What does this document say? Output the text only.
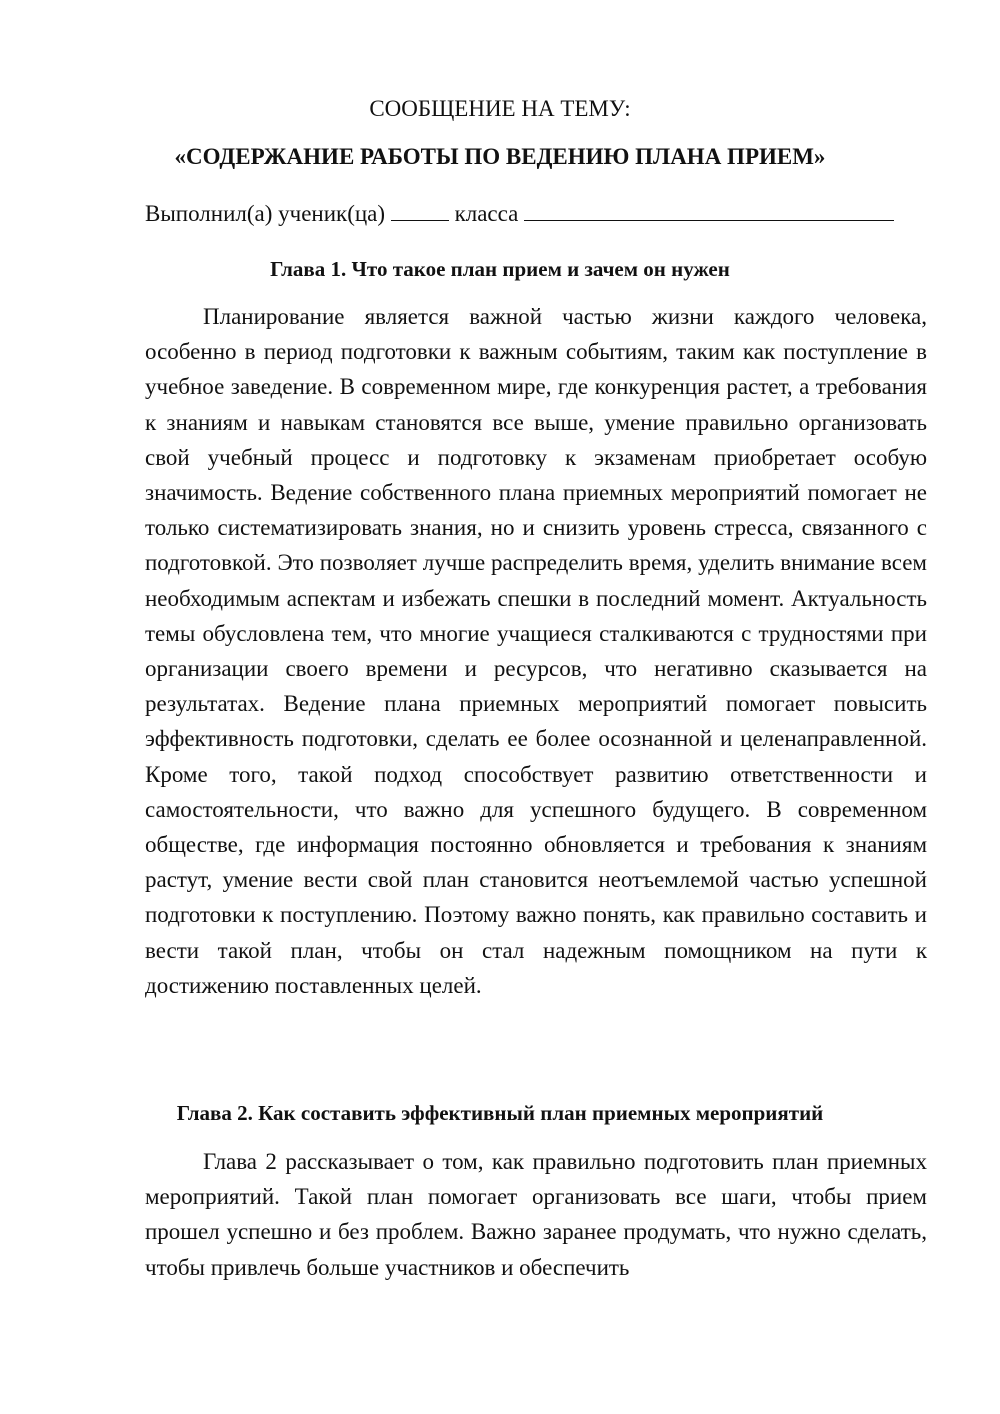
СООБЩЕНИЕ НА ТЕМУ:

«СОДЕРЖАНИЕ РАБОТЫ ПО ВЕДЕНИЮ ПЛАНА ПРИЕМ»

Выполнил(а) ученик(ца)	класса

Глава 1. Что такое план прием и зачем он нужен

Планирование является важной частью жизни каждого человека, особенно в период подготовки к важным событиям, таким как поступление в учебное заведение. В современном мире, где конкуренция растет, а требования к знаниям и навыкам становятся все выше, умение правильно организовать свой учебный процесс и подготовку к экзаменам приобретает особую значимость. Ведение собственного плана приемных мероприятий помогает не только систематизировать знания, но и снизить уровень стресса, связанного с подготовкой. Это позволяет лучше распределить время, уделить внимание всем необходимым аспектам и избежать спешки в последний момент. Актуальность темы обусловлена тем, что многие учащиеся сталкиваются с трудностями при организации своего времени и ресурсов, что негативно сказывается на результатах. Ведение плана приемных мероприятий помогает повысить эффективность подготовки, сделать ее более осознанной и целенаправленной. Кроме того, такой подход способствует развитию ответственности и самостоятельности, что важно для успешного будущего. В современном обществе, где информация постоянно обновляется и требования к знаниям растут, умение вести свой план становится неотъемлемой частью успешной подготовки к поступлению. Поэтому важно понять, как правильно составить и вести такой план, чтобы он стал надежным помощником на пути к достижению поставленных целей.

Глава 2. Как составить эффективный план приемных мероприятий

Глава 2 рассказывает о том, как правильно подготовить план приемных мероприятий. Такой план помогает организовать все шаги, чтобы прием прошел успешно и без проблем. Важно заранее продумать, что нужно сделать, чтобы привлечь больше участников и обеспечить
